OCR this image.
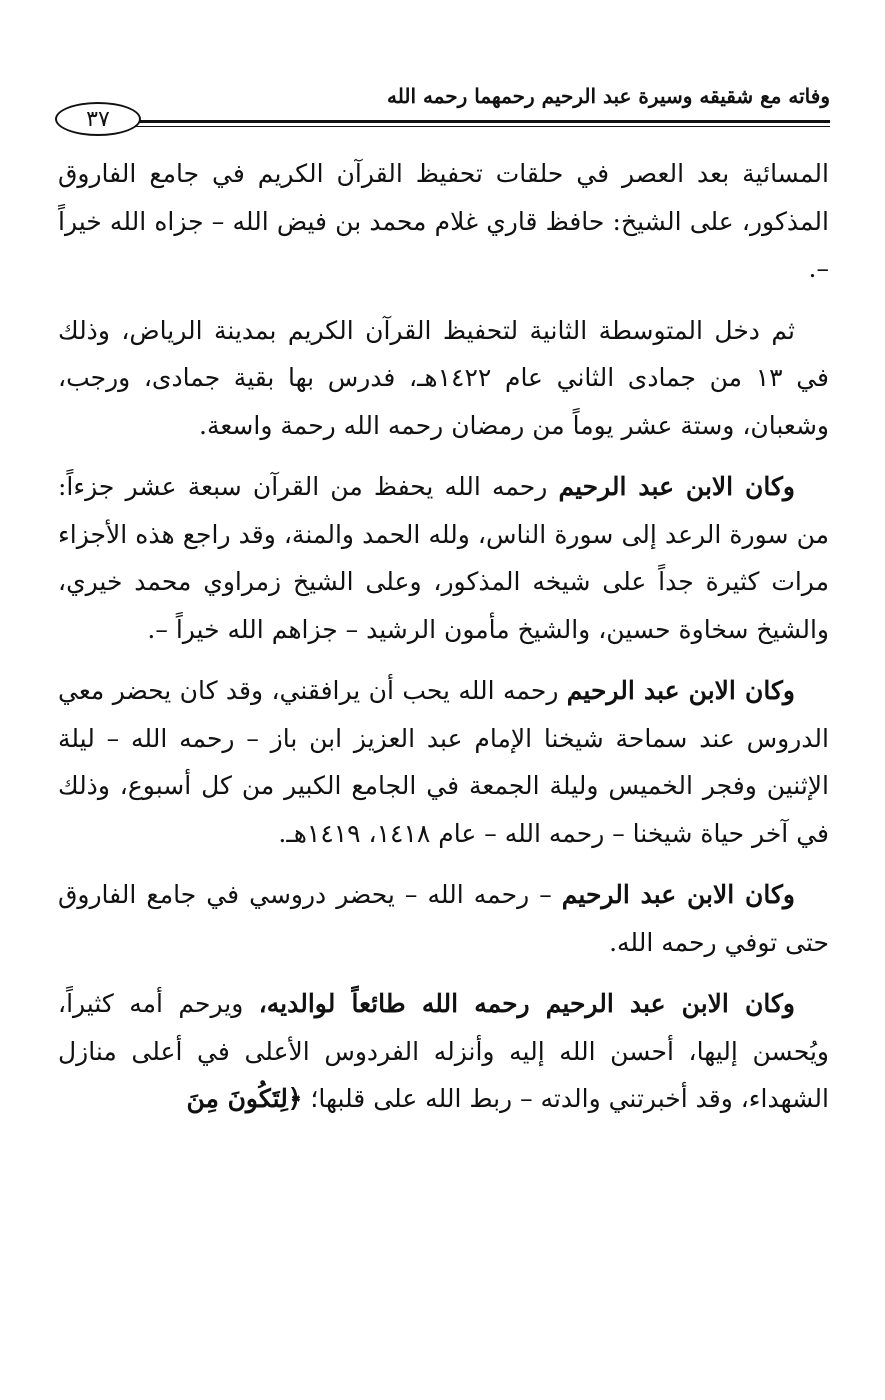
٣٧
وفاته مع شقيقه وسيرة عبد الرحيم رحمهما رحمه الله

المسائية بعد العصر في حلقات تحفيظ القرآن الكريم في جامع الفاروق المذكور، على الشيخ: حافظ قاري غلام محمد بن فيض الله – جزاه الله خيراً –.

ثم دخل المتوسطة الثانية لتحفيظ القرآن الكريم بمدينة الرياض، وذلك في ١٣ من جمادى الثاني عام ١٤٢٢هـ، فدرس بها بقية جمادى، ورجب، وشعبان، وستة عشر يوماً من رمضان رحمه الله رحمة واسعة.

وكان الابن عبد الرحيم رحمه الله يحفظ من القرآن سبعة عشر جزءاً: من سورة الرعد إلى سورة الناس، ولله الحمد والمنة، وقد راجع هذه الأجزاء مرات كثيرة جداً على شيخه المذكور، وعلى الشيخ زمراوي محمد خيري، والشيخ سخاوة حسين، والشيخ مأمون الرشيد – جزاهم الله خيراً –.

وكان الابن عبد الرحيم رحمه الله يحب أن يرافقني، وقد كان يحضر معي الدروس عند سماحة شيخنا الإمام عبد العزيز ابن باز – رحمه الله – ليلة الإثنين وفجر الخميس وليلة الجمعة في الجامع الكبير من كل أسبوع، وذلك في آخر حياة شيخنا – رحمه الله – عام ١٤١٨، ١٤١٩هـ.

وكان الابن عبد الرحيم – رحمه الله – يحضر دروسي في جامع الفاروق حتى توفي رحمه الله.

وكان الابن عبد الرحيم رحمه الله طائعاً لوالديه، ويرحم أمه كثيراً، ويُحسن إليها، أحسن الله إليه وأنزله الفردوس الأعلى في أعلى منازل الشهداء، وقد أخبرتني والدته – ربط الله على قلبها؛ ﴿لِتَكُونَ مِنَ
